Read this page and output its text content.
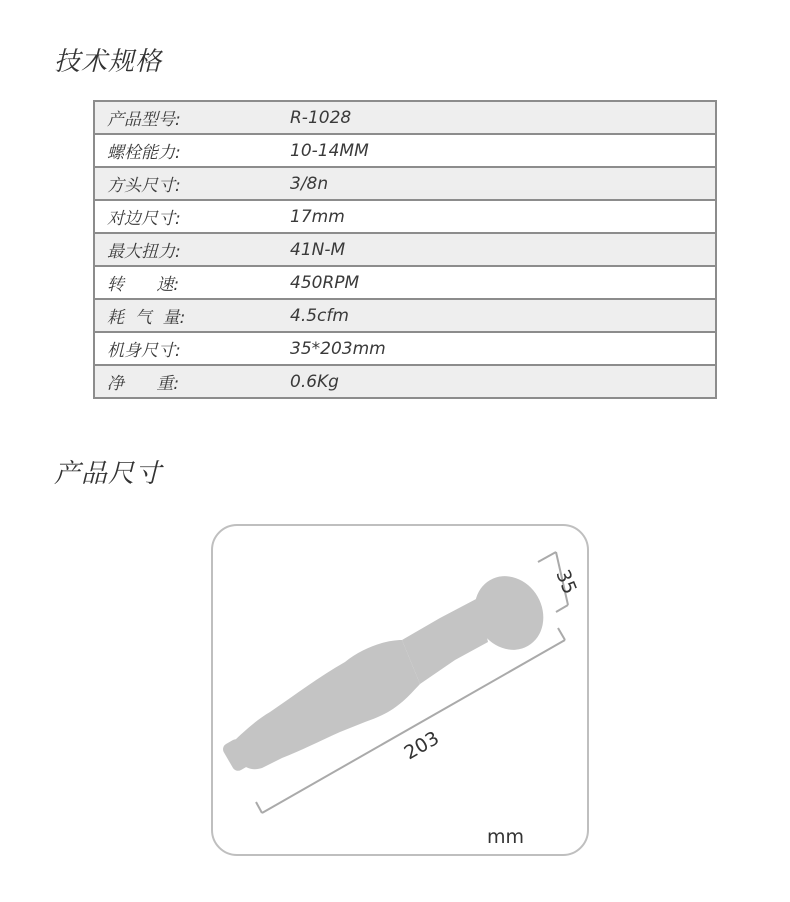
技术规格
产品型号:	R-1028
螺栓能力:	10-14MM
方头尺寸:	3/8n
对边尺寸:	17mm
最大扭力:	41N-M
转      速:	450RPM
耗  气  量:	4.5cfm
机身尺寸:	35*203mm
净      重:	0.6Kg
产品尺寸
35
203
mm
